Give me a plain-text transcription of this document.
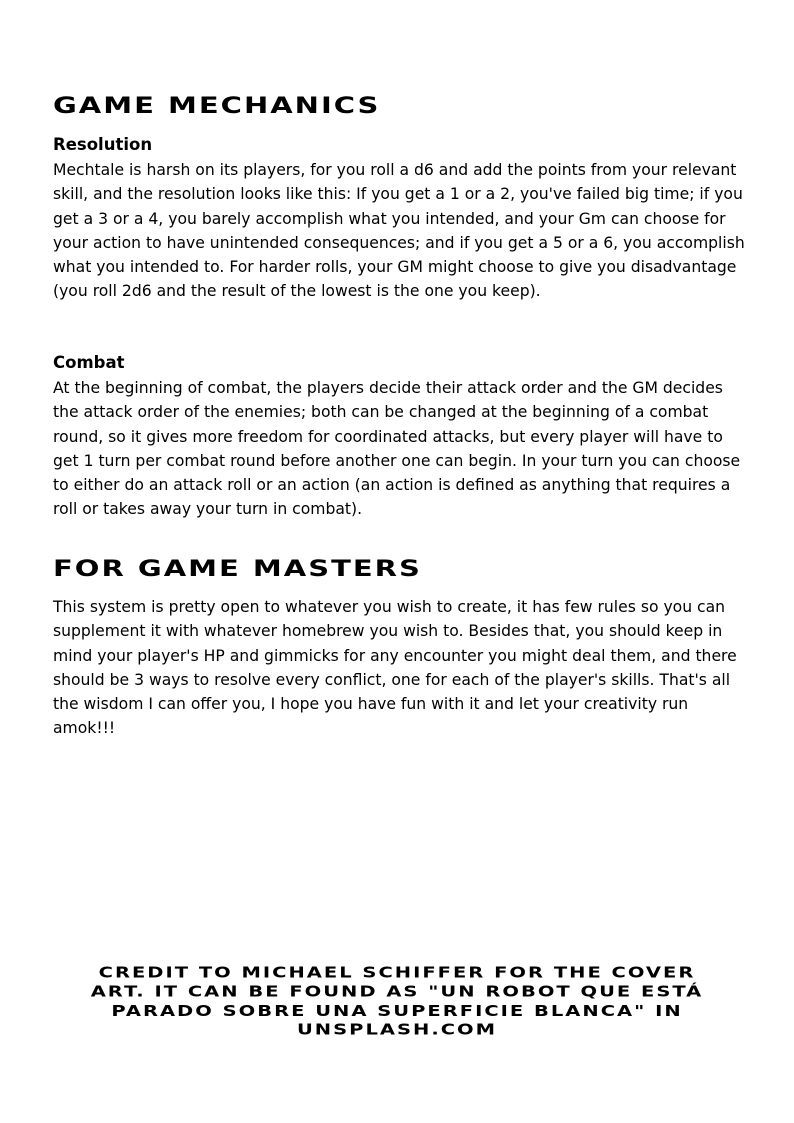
GAME MECHANICS
Resolution

Mechtale is harsh on its players, for you roll a d6 and add the points from your relevant skill, and the resolution looks like this: If you get a 1 or a 2, you've failed big time; if you get a 3 or a 4, you barely accomplish what you intended, and your Gm can choose for your action to have unintended consequences; and if you get a 5 or a 6, you accomplish what you intended to. For harder rolls, your GM might choose to give you disadvantage (you roll 2d6 and the result of the lowest is the one you keep).

Combat

At the beginning of combat, the players decide their attack order and the GM decides the attack order of the enemies; both can be changed at the beginning of a combat round, so it gives more freedom for coordinated attacks, but every player will have to get 1 turn per combat round before another one can begin. In your turn you can choose to either do an attack roll or an action (an action is defined as anything that requires a roll or takes away your turn in combat).

FOR GAME MASTERS

This system is pretty open to whatever you wish to create, it has few rules so you can supplement it with whatever homebrew you wish to. Besides that, you should keep in mind your player's HP and gimmicks for any encounter you might deal them, and there should be 3 ways to resolve every conflict, one for each of the player's skills. That's all the wisdom I can offer you, I hope you have fun with it and let your creativity run amok!!!

CREDIT TO MICHAEL SCHIFFER FOR THE COVER ART. IT CAN BE FOUND AS "UN ROBOT QUE ESTÁ PARADO SOBRE UNA SUPERFICIE BLANCA" IN UNSPLASH.COM
